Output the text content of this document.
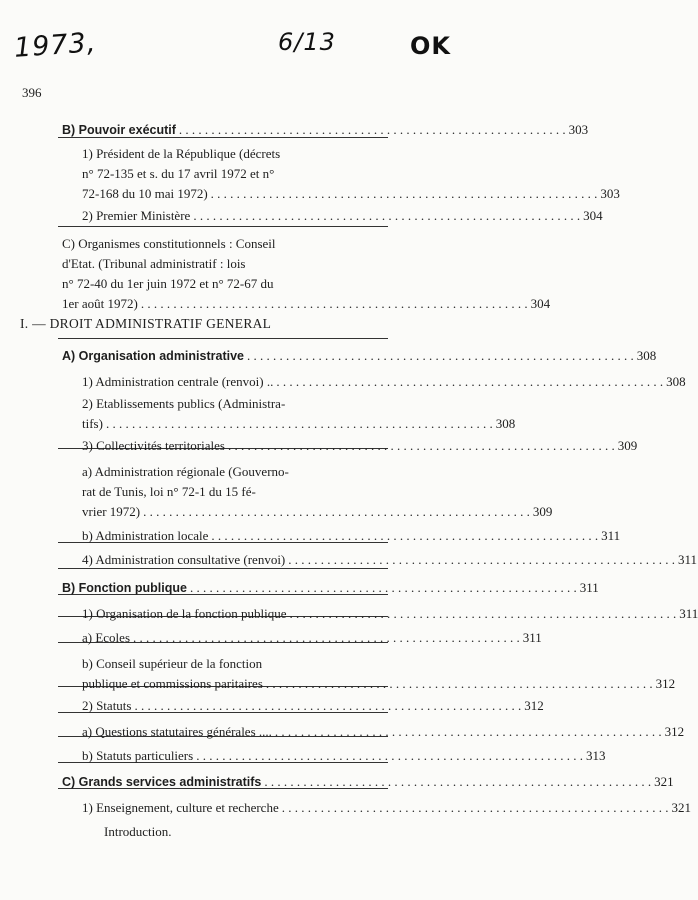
1973,	6/13	OK
396
I. — DROIT ADMINISTRATIF GENERAL
B) Pouvoir exécutif . . . . . . . . . . . . . . . . . . . . . . . . . . . . . . . . . . . . . . . . . . . . . . . . . . . . . . . . . . . . 303
1) Président de la République (décrets
n° 72-135 et s. du 17 avril 1972 et n°
72-168 du 10 mai 1972) . . . . . . . . . . . . . . . . . . . . . . . . . . . . . . . . . . . . . . . . . . . . . . . . . . . . . . . . . . . . 303
2) Premier Ministère . . . . . . . . . . . . . . . . . . . . . . . . . . . . . . . . . . . . . . . . . . . . . . . . . . . . . . . . . . . . 304
C) Organismes constitutionnels : Conseil
d'Etat. (Tribunal administratif : lois
n° 72-40 du 1er juin 1972 et n° 72-67 du
1er août 1972) . . . . . . . . . . . . . . . . . . . . . . . . . . . . . . . . . . . . . . . . . . . . . . . . . . . . . . . . . . . . 304
A) Organisation administrative . . . . . . . . . . . . . . . . . . . . . . . . . . . . . . . . . . . . . . . . . . . . . . . . . . . . . . . . . . . . 308
1) Administration centrale (renvoi) .. . . . . . . . . . . . . . . . . . . . . . . . . . . . . . . . . . . . . . . . . . . . . . . . . . . . . . . . . . . . . 308
2) Etablissements publics (Administra-
tifs) . . . . . . . . . . . . . . . . . . . . . . . . . . . . . . . . . . . . . . . . . . . . . . . . . . . . . . . . . . . . 308
3) Collectivités territoriales . . . . . . . . . . . . . . . . . . . . . . . . . . . . . . . . . . . . . . . . . . . . . . . . . . . . . . . . . . . . 309
a) Administration régionale (Gouverno-
rat de Tunis, loi n° 72-1 du 15 fé-
vrier 1972) . . . . . . . . . . . . . . . . . . . . . . . . . . . . . . . . . . . . . . . . . . . . . . . . . . . . . . . . . . . . 309
b) Administration locale . . . . . . . . . . . . . . . . . . . . . . . . . . . . . . . . . . . . . . . . . . . . . . . . . . . . . . . . . . . . 311
4) Administration consultative (renvoi) . . . . . . . . . . . . . . . . . . . . . . . . . . . . . . . . . . . . . . . . . . . . . . . . . . . . . . . . . . . . 311
B) Fonction publique . . . . . . . . . . . . . . . . . . . . . . . . . . . . . . . . . . . . . . . . . . . . . . . . . . . . . . . . . . . . 311
1) Organisation de la fonction publique . . . . . . . . . . . . . . . . . . . . . . . . . . . . . . . . . . . . . . . . . . . . . . . . . . . . . . . . . . . . 311
a) Ecoles . . . . . . . . . . . . . . . . . . . . . . . . . . . . . . . . . . . . . . . . . . . . . . . . . . . . . . . . . . . . 311
b) Conseil supérieur de la fonction
publique et commissions paritaires . . . . . . . . . . . . . . . . . . . . . . . . . . . . . . . . . . . . . . . . . . . . . . . . . . . . . . . . . . . . 312
2) Statuts . . . . . . . . . . . . . . . . . . . . . . . . . . . . . . . . . . . . . . . . . . . . . . . . . . . . . . . . . . . . 312
a) Questions statutaires générales .... . . . . . . . . . . . . . . . . . . . . . . . . . . . . . . . . . . . . . . . . . . . . . . . . . . . . . . . . . . . . 312
b) Statuts particuliers . . . . . . . . . . . . . . . . . . . . . . . . . . . . . . . . . . . . . . . . . . . . . . . . . . . . . . . . . . . . 313
C) Grands services administratifs . . . . . . . . . . . . . . . . . . . . . . . . . . . . . . . . . . . . . . . . . . . . . . . . . . . . . . . . . . . . 321
1) Enseignement, culture et recherche . . . . . . . . . . . . . . . . . . . . . . . . . . . . . . . . . . . . . . . . . . . . . . . . . . . . . . . . . . . . 321
Introduction.
